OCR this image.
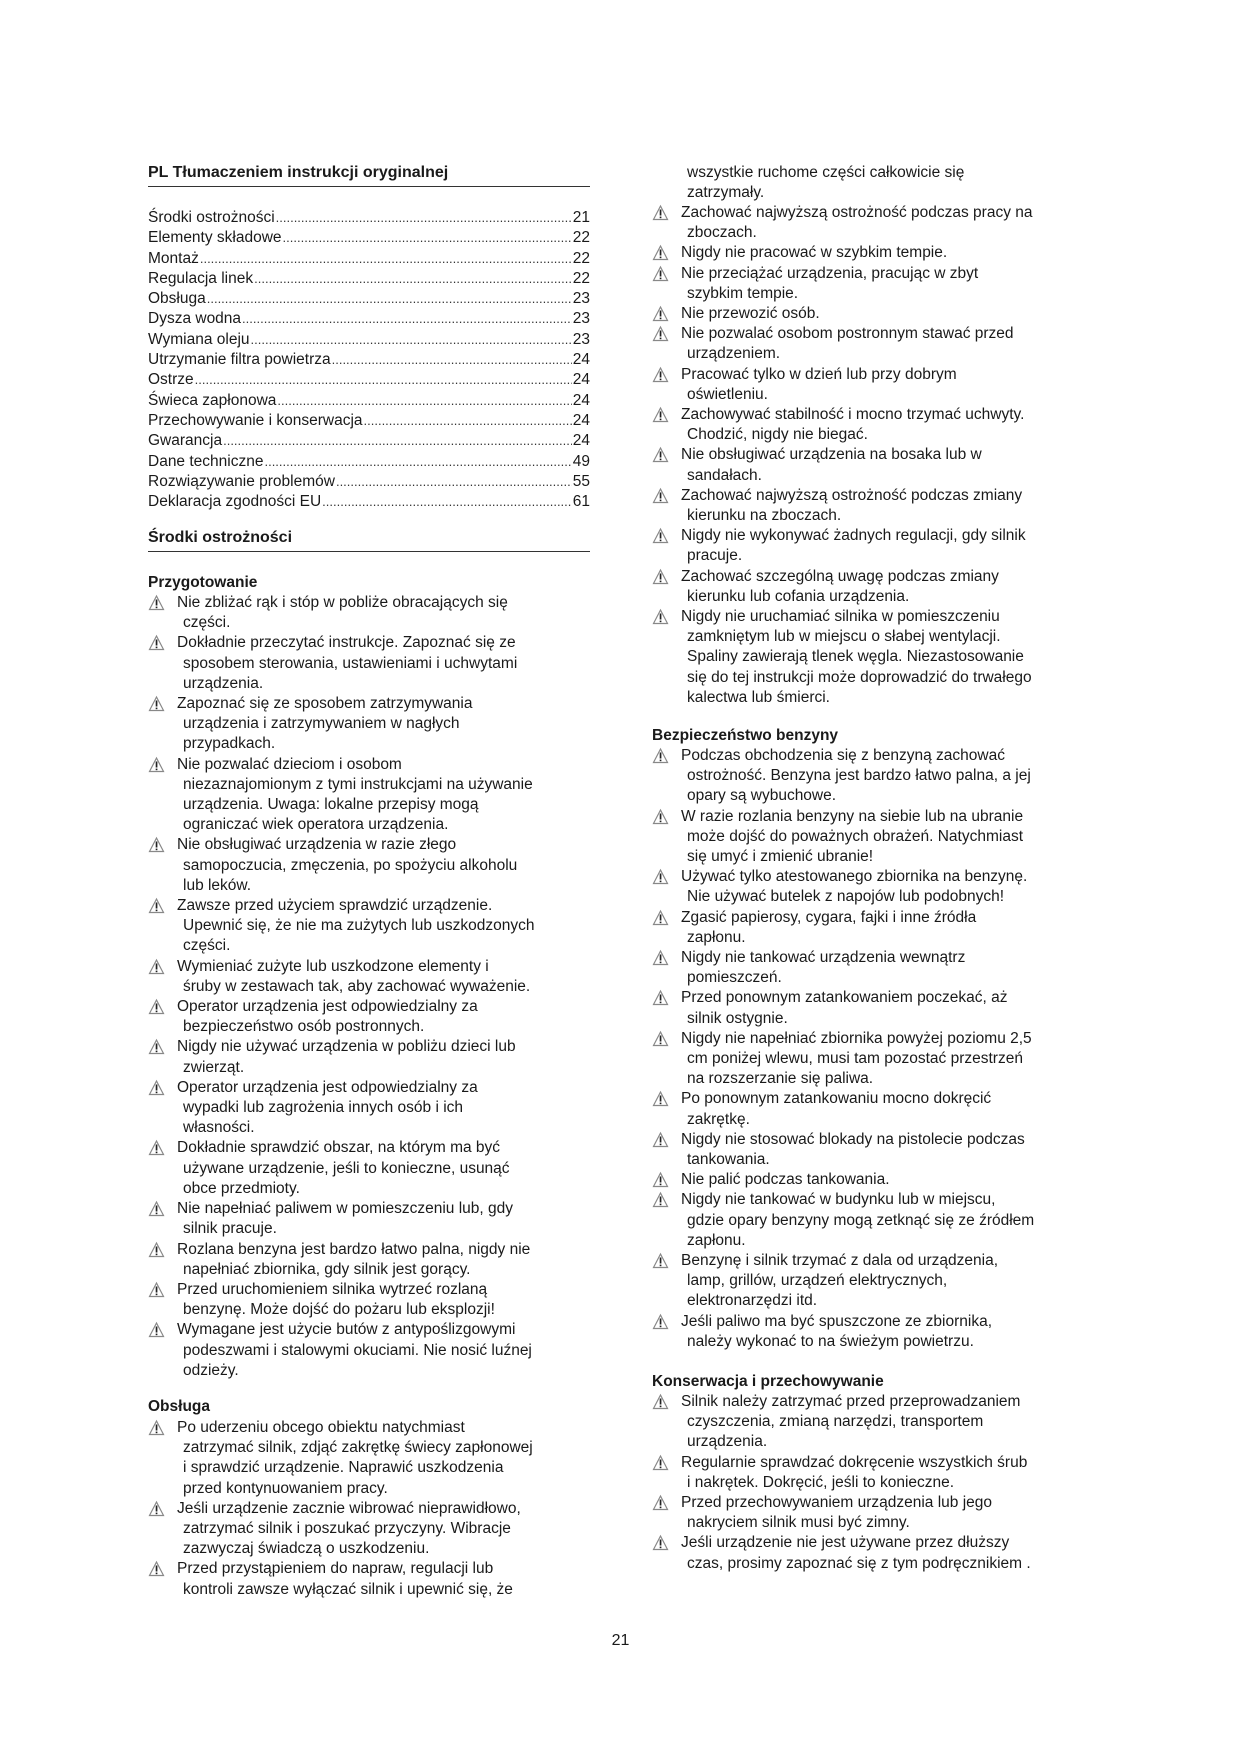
PL Tłumaczeniem instrukcji oryginalnej
Środki ostrożności .....	21
Elementy składowe .....	22
Montaż .....	22
Regulacja linek .....	22
Obsługa .....	23
Dysza wodna .....	23
Wymiana oleju .....	23
Utrzymanie filtra powietrza .....	24
Ostrze .....	24
Świeca zapłonowa .....	24
Przechowywanie i konserwacja .....	24
Gwarancja .....	24
Dane techniczne .....	49
Rozwiązywanie problemów .....	55
Deklaracja zgodności EU .....	61
Środki ostrożności
Przygotowanie
Nie zbliżać rąk i stóp w pobliże obracających się
części.
Dokładnie przeczytać instrukcje. Zapoznać się ze
sposobem sterowania, ustawieniami i uchwytami
urządzenia.
Zapoznać się ze sposobem zatrzymywania
urządzenia i zatrzymywaniem w nagłych
przypadkach.
Nie pozwalać dzieciom i osobom
niezaznajomionym z tymi instrukcjami na używanie
urządzenia. Uwaga: lokalne przepisy mogą
ograniczać wiek operatora urządzenia.
Nie obsługiwać urządzenia w razie złego
samopoczucia, zmęczenia, po spożyciu alkoholu
lub leków.
Zawsze przed użyciem sprawdzić urządzenie.
Upewnić się, że nie ma zużytych lub uszkodzonych
części.
Wymieniać zużyte lub uszkodzone elementy i
śruby w zestawach tak, aby zachować wyważenie.
Operator urządzenia jest odpowiedzialny za
bezpieczeństwo osób postronnych.
Nigdy nie używać urządzenia w pobliżu dzieci lub
zwierząt.
Operator urządzenia jest odpowiedzialny za
wypadki lub zagrożenia innych osób i ich
własności.
Dokładnie sprawdzić obszar, na którym ma być
używane urządzenie, jeśli to konieczne, usunąć
obce przedmioty.
Nie napełniać paliwem w pomieszczeniu lub, gdy
silnik pracuje.
Rozlana benzyna jest bardzo łatwo palna, nigdy nie
napełniać zbiornika, gdy silnik jest gorący.
Przed uruchomieniem silnika wytrzeć rozlaną
benzynę. Może dojść do pożaru lub eksplozji!
Wymagane jest użycie butów z antypoślizgowymi
podeszwami i stalowymi okuciami. Nie nosić luźnej
odzieży.
Obsługa
Po uderzeniu obcego obiektu natychmiast
zatrzymać silnik, zdjąć zakrętkę świecy zapłonowej
i sprawdzić urządzenie. Naprawić uszkodzenia
przed kontynuowaniem pracy.
Jeśli urządzenie zacznie wibrować nieprawidłowo,
zatrzymać silnik i poszukać przyczyny. Wibracje
zazwyczaj świadczą o uszkodzeniu.
Przed przystąpieniem do napraw, regulacji lub
kontroli zawsze wyłączać silnik i upewnić się, że
wszystkie ruchome części całkowicie się
zatrzymały.
Zachować najwyższą ostrożność podczas pracy na
zboczach.
Nigdy nie pracować w szybkim tempie.
Nie przeciążać urządzenia, pracując w zbyt
szybkim tempie.
Nie przewozić osób.
Nie pozwalać osobom postronnym stawać przed
urządzeniem.
Pracować tylko w dzień lub przy dobrym
oświetleniu.
Zachowywać stabilność i mocno trzymać uchwyty.
Chodzić, nigdy nie biegać.
Nie obsługiwać urządzenia na bosaka lub w
sandałach.
Zachować najwyższą ostrożność podczas zmiany
kierunku na zboczach.
Nigdy nie wykonywać żadnych regulacji, gdy silnik
pracuje.
Zachować szczególną uwagę podczas zmiany
kierunku lub cofania urządzenia.
Nigdy nie uruchamiać silnika w pomieszczeniu
zamkniętym lub w miejscu o słabej wentylacji.
Spaliny zawierają tlenek węgla. Niezastosowanie
się do tej instrukcji może doprowadzić do trwałego
kalectwa lub śmierci.
Bezpieczeństwo benzyny
Podczas obchodzenia się z benzyną zachować
ostrożność. Benzyna jest bardzo łatwo palna, a jej
opary są wybuchowe.
W razie rozlania benzyny na siebie lub na ubranie
może dojść do poważnych obrażeń. Natychmiast
się umyć i zmienić ubranie!
Używać tylko atestowanego zbiornika na benzynę.
Nie używać butelek z napojów lub podobnych!
Zgasić papierosy, cygara, fajki i inne źródła
zapłonu.
Nigdy nie tankować urządzenia wewnątrz
pomieszczeń.
Przed ponownym zatankowaniem poczekać, aż
silnik ostygnie.
Nigdy nie napełniać zbiornika powyżej poziomu 2,5
cm poniżej wlewu, musi tam pozostać przestrzeń
na rozszerzanie się paliwa.
Po ponownym zatankowaniu mocno dokręcić
zakrętkę.
Nigdy nie stosować blokady na pistolecie podczas
tankowania.
Nie palić podczas tankowania.
Nigdy nie tankować w budynku lub w miejscu,
gdzie opary benzyny mogą zetknąć się ze źródłem
zapłonu.
Benzynę i silnik trzymać z dala od urządzenia,
lamp, grillów, urządzeń elektrycznych,
elektronarzędzi itd.
Jeśli paliwo ma być spuszczone ze zbiornika,
należy wykonać to na świeżym powietrzu.
Konserwacja i przechowywanie
Silnik należy zatrzymać przed przeprowadzaniem
czyszczenia, zmianą narzędzi, transportem
urządzenia.
Regularnie sprawdzać dokręcenie wszystkich śrub
i nakrętek. Dokręcić, jeśli to konieczne.
Przed przechowywaniem urządzenia lub jego
nakryciem silnik musi być zimny.
Jeśli urządzenie nie jest używane przez dłuższy
czas, prosimy zapoznać się z tym podręcznikiem .
21
